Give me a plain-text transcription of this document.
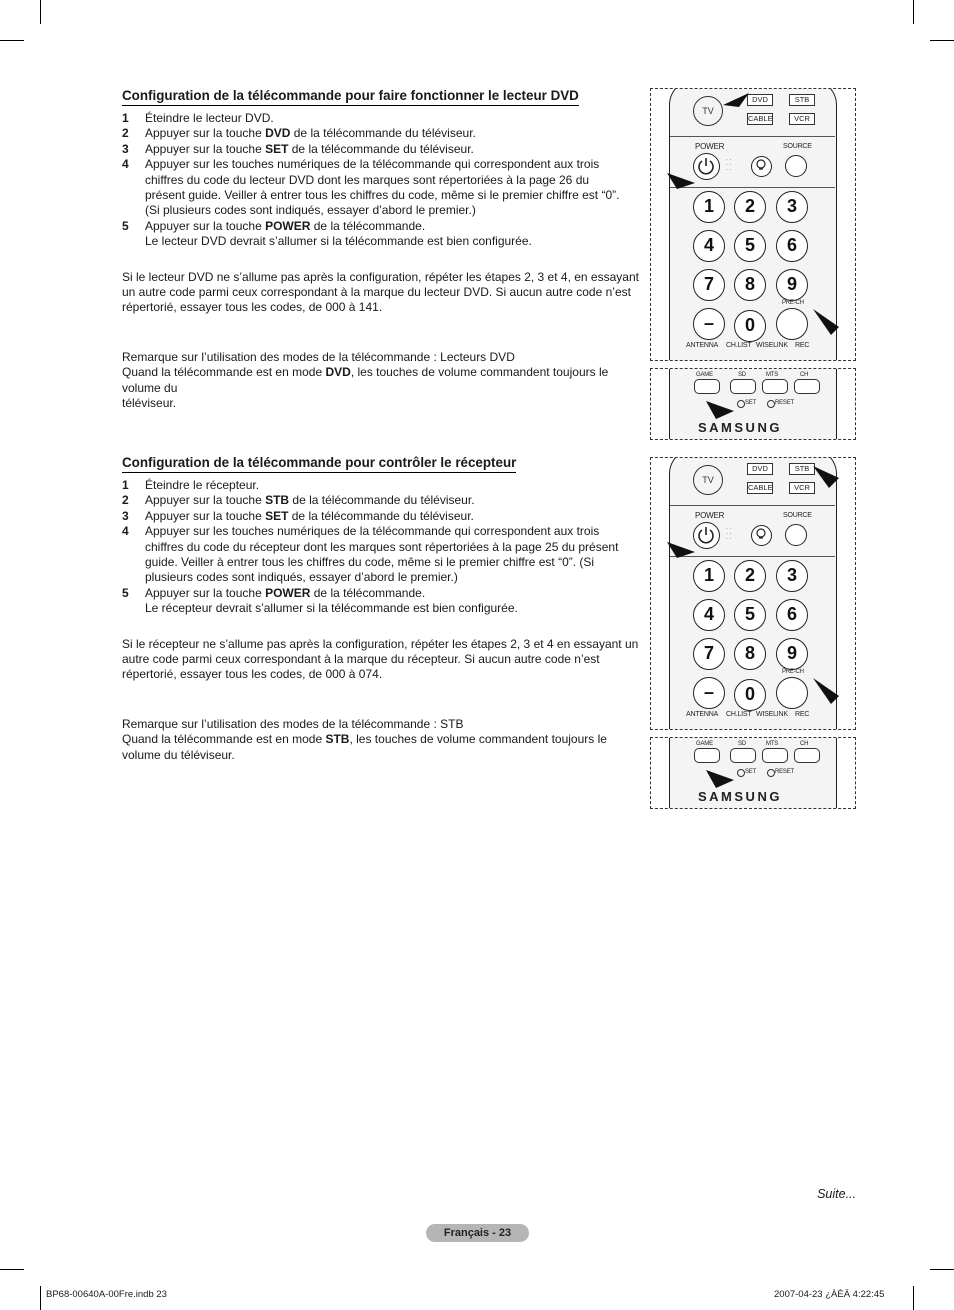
Configuration de la télécommande pour faire fonctionner le lecteur DVD
1	Éteindre le lecteur DVD.
2	Appuyer sur la touche DVD de la télécommande du téléviseur.
3	Appuyer sur la touche SET de la télécommande du téléviseur.
4	Appuyer sur les touches numériques de la télécommande qui correspondent aux trois chiffres du code du lecteur DVD dont les marques sont répertoriées à la page 26 du présent guide. Veiller à entrer tous les chiffres du code, même si le premier chiffre est “0”. (Si plusieurs codes sont indiqués, essayer d’abord le premier.)
5	Appuyer sur la touche POWER de la télécommande.
Le lecteur DVD devrait s’allumer si la télécommande est bien configurée.
Si le lecteur DVD ne s’allume pas après la configuration, répéter les étapes 2, 3 et 4, en essayant un autre code parmi ceux correspondant à la marque du lecteur DVD. Si aucun autre code n’est répertorié, essayer tous les codes, de 000 à 141.
Remarque sur l’utilisation des modes de la télécommande : Lecteurs DVD
Quand la télécommande est en mode DVD, les touches de volume commandent toujours le volume du
téléviseur.
Configuration de la télécommande pour contrôler le récepteur
1	Éteindre le récepteur.
2	Appuyer sur la touche STB de la télécommande du téléviseur.
3	Appuyer sur la touche SET de la télécommande du téléviseur.
4	Appuyer sur les touches numériques de la télécommande qui correspondent aux trois chiffres du code du récepteur dont les marques sont répertoriées à la page 25 du présent guide. Veiller à entrer tous les chiffres du code, même si le premier chiffre est “0”. (Si plusieurs codes sont indiqués, essayer d’abord le premier.)
5	Appuyer sur la touche POWER de la télécommande.
Le récepteur devrait s’allumer si la télécommande est bien configurée.
Si le récepteur ne s’allume pas après la configuration, répéter les étapes 2, 3 et 4 en essayant un autre code parmi ceux correspondant à la marque du récepteur. Si aucun autre code n’est répertorié, essayer tous les codes, de 000 à 074.
Remarque sur l’utilisation des modes de la télécommande : STB
Quand la télécommande est en mode STB, les touches de volume commandent toujours le volume du téléviseur.
TV
DVD	STB
CABLE	VCR
POWER
· ·
· ·
· ·
SOURCE
1	2	3
4	5	6
7	8	9
–	0
PRE-CH
ANTENNA CH.LIST WISELINK REC
GAME	SD	MTS	CH
SET	RESET
SAMSUNG
TV
DVD	STB
CABLE	VCR
POWER
· ·
· ·
· ·
SOURCE
1	2	3
4	5	6
7	8	9
–	0
PRE-CH
ANTENNA CH.LIST WISELINK REC
GAME	SD	MTS	CH
SET	RESET
SAMSUNG
Suite...
Français - 23
BP68-00640A-00Fre.indb 23	2007-04-23 ¿ÀÈÄ 4:22:45
